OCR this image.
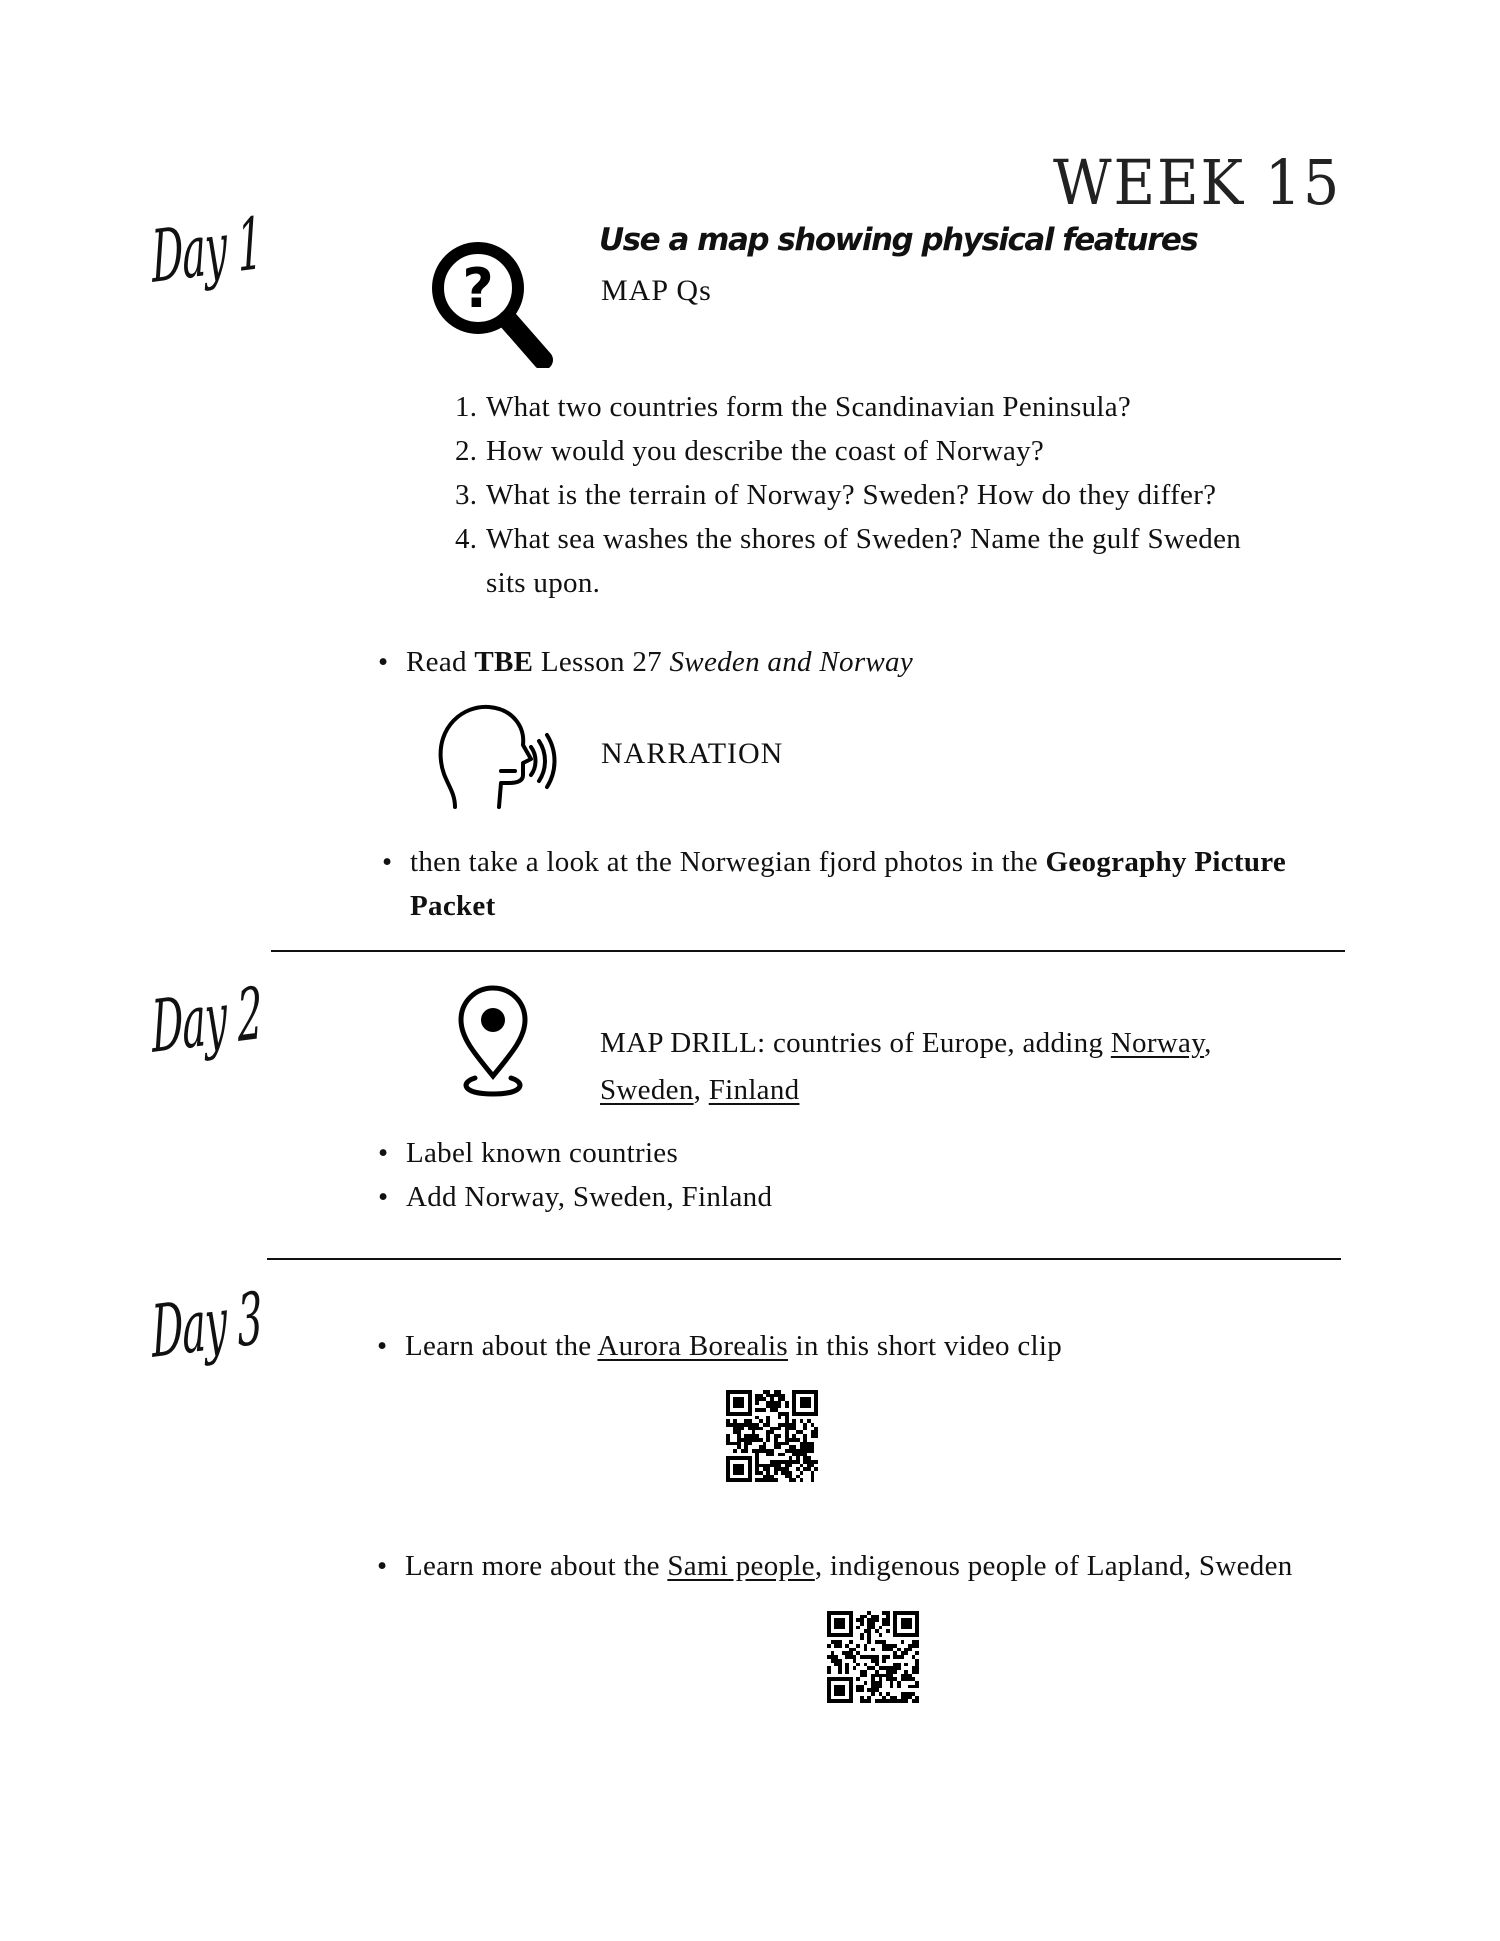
WEEK 15
Day 1	?
Use a map showing physical features
MAP Qs
1. What two countries form the Scandinavian Peninsula?
2. How would you describe the coast of Norway?
3. What is the terrain of Norway? Sweden? How do they differ?
4. What sea washes the shores of Sweden? Name the gulf Sweden sits upon.
• Read TBE Lesson 27 Sweden and Norway
NARRATION
• then take a look at the Norwegian fjord photos in the Geography Picture Packet
Day 2	MAP DRILL: countries of Europe, adding Norway,
Sweden, Finland
• Label known countries
• Add Norway, Sweden, Finland
Day 3	• Learn about the Aurora Borealis in this short video clip
• Learn more about the Sami people, indigenous people of Lapland, Sweden
